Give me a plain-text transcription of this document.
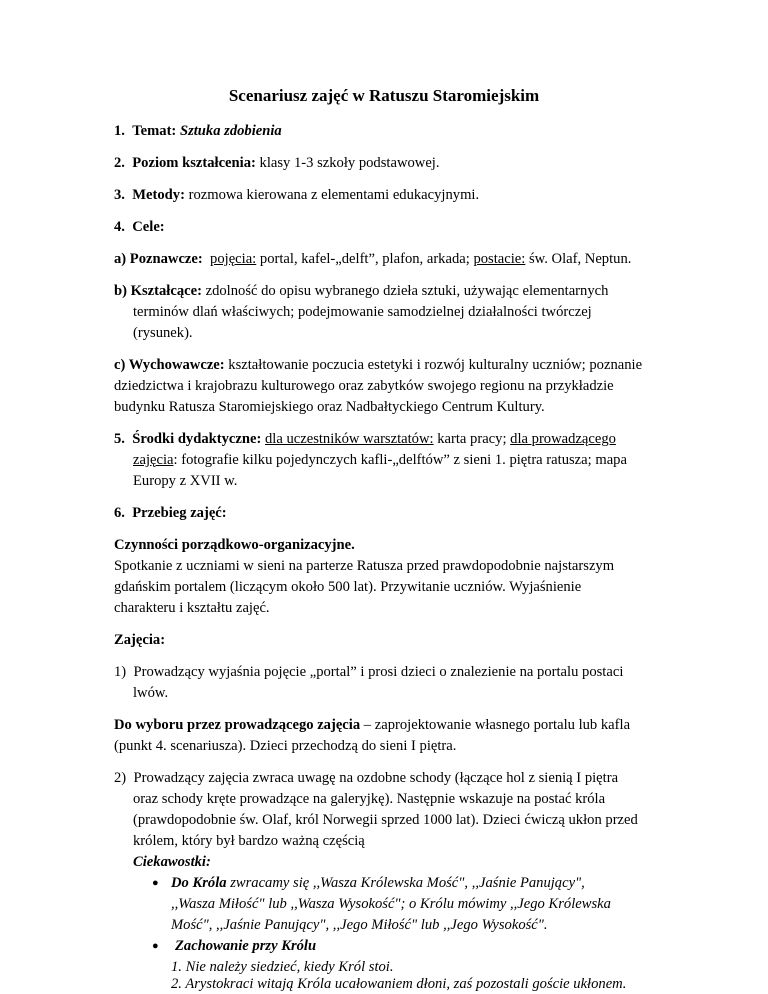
Scenariusz zajęć w Ratuszu Staromiejskim
1. Temat: Sztuka zdobienia
2. Poziom kształcenia: klasy 1-3 szkoły podstawowej.
3. Metody: rozmowa kierowana z elementami edukacyjnymi.
4. Cele:
a) Poznawcze: pojęcia: portal, kafel-„delft”, plafon, arkada; postacie: św. Olaf, Neptun.
b) Kształcące: zdolność do opisu wybranego dzieła sztuki, używając elementarnych
terminów dlań właściwych; podejmowanie samodzielnej działalności twórczej
(rysunek).
c) Wychowawcze: kształtowanie poczucia estetyki i rozwój kulturalny uczniów; poznanie
dziedzictwa i krajobrazu kulturowego oraz zabytków swojego regionu na przykładzie
budynku Ratusza Staromiejskiego oraz Nadbałtyckiego Centrum Kultury.
5. Środki dydaktyczne: dla uczestników warsztatów: karta pracy; dla prowadzącego
zajęcia: fotografie kilku pojedynczych kafli-„delftów” z sieni 1. piętra ratusza; mapa
Europy z XVII w.
6. Przebieg zajęć:
Czynności porządkowo-organizacyjne.
Spotkanie z uczniami w sieni na parterze Ratusza przed prawdopodobnie najstarszym
gdańskim portalem (liczącym około 500 lat). Przywitanie uczniów. Wyjaśnienie
charakteru i kształtu zajęć.
Zajęcia:
1) Prowadzący wyjaśnia pojęcie „portal” i prosi dzieci o znalezienie na portalu postaci
lwów.
Do wyboru przez prowadzącego zajęcia – zaprojektowanie własnego portalu lub kafla
(punkt 4. scenariusza). Dzieci przechodzą do sieni I piętra.
2) Prowadzący zajęcia zwraca uwagę na ozdobne schody (łączące hol z sienią I piętra
oraz schody kręte prowadzące na galeryjkę). Następnie wskazuje na postać króla
(prawdopodobnie św. Olaf, król Norwegii sprzed 1000 lat). Dzieci ćwiczą ukłon przed
królem, który był bardzo ważną częścią
Ciekawostki:
● Do Króla zwracamy się ,,Wasza Królewska Mość", ,,Jaśnie Panujący",
,,Wasza Miłość" lub ,,Wasza Wysokość"; o Królu mówimy ,,Jego Królewska
Mość", ,,Jaśnie Panujący", ,,Jego Miłość" lub ,,Jego Wysokość".
● Zachowanie przy Królu
1. Nie należy siedzieć, kiedy Król stoi.
2. Arystokraci witają Króla ucałowaniem dłoni, zaś pozostali goście ukłonem.
